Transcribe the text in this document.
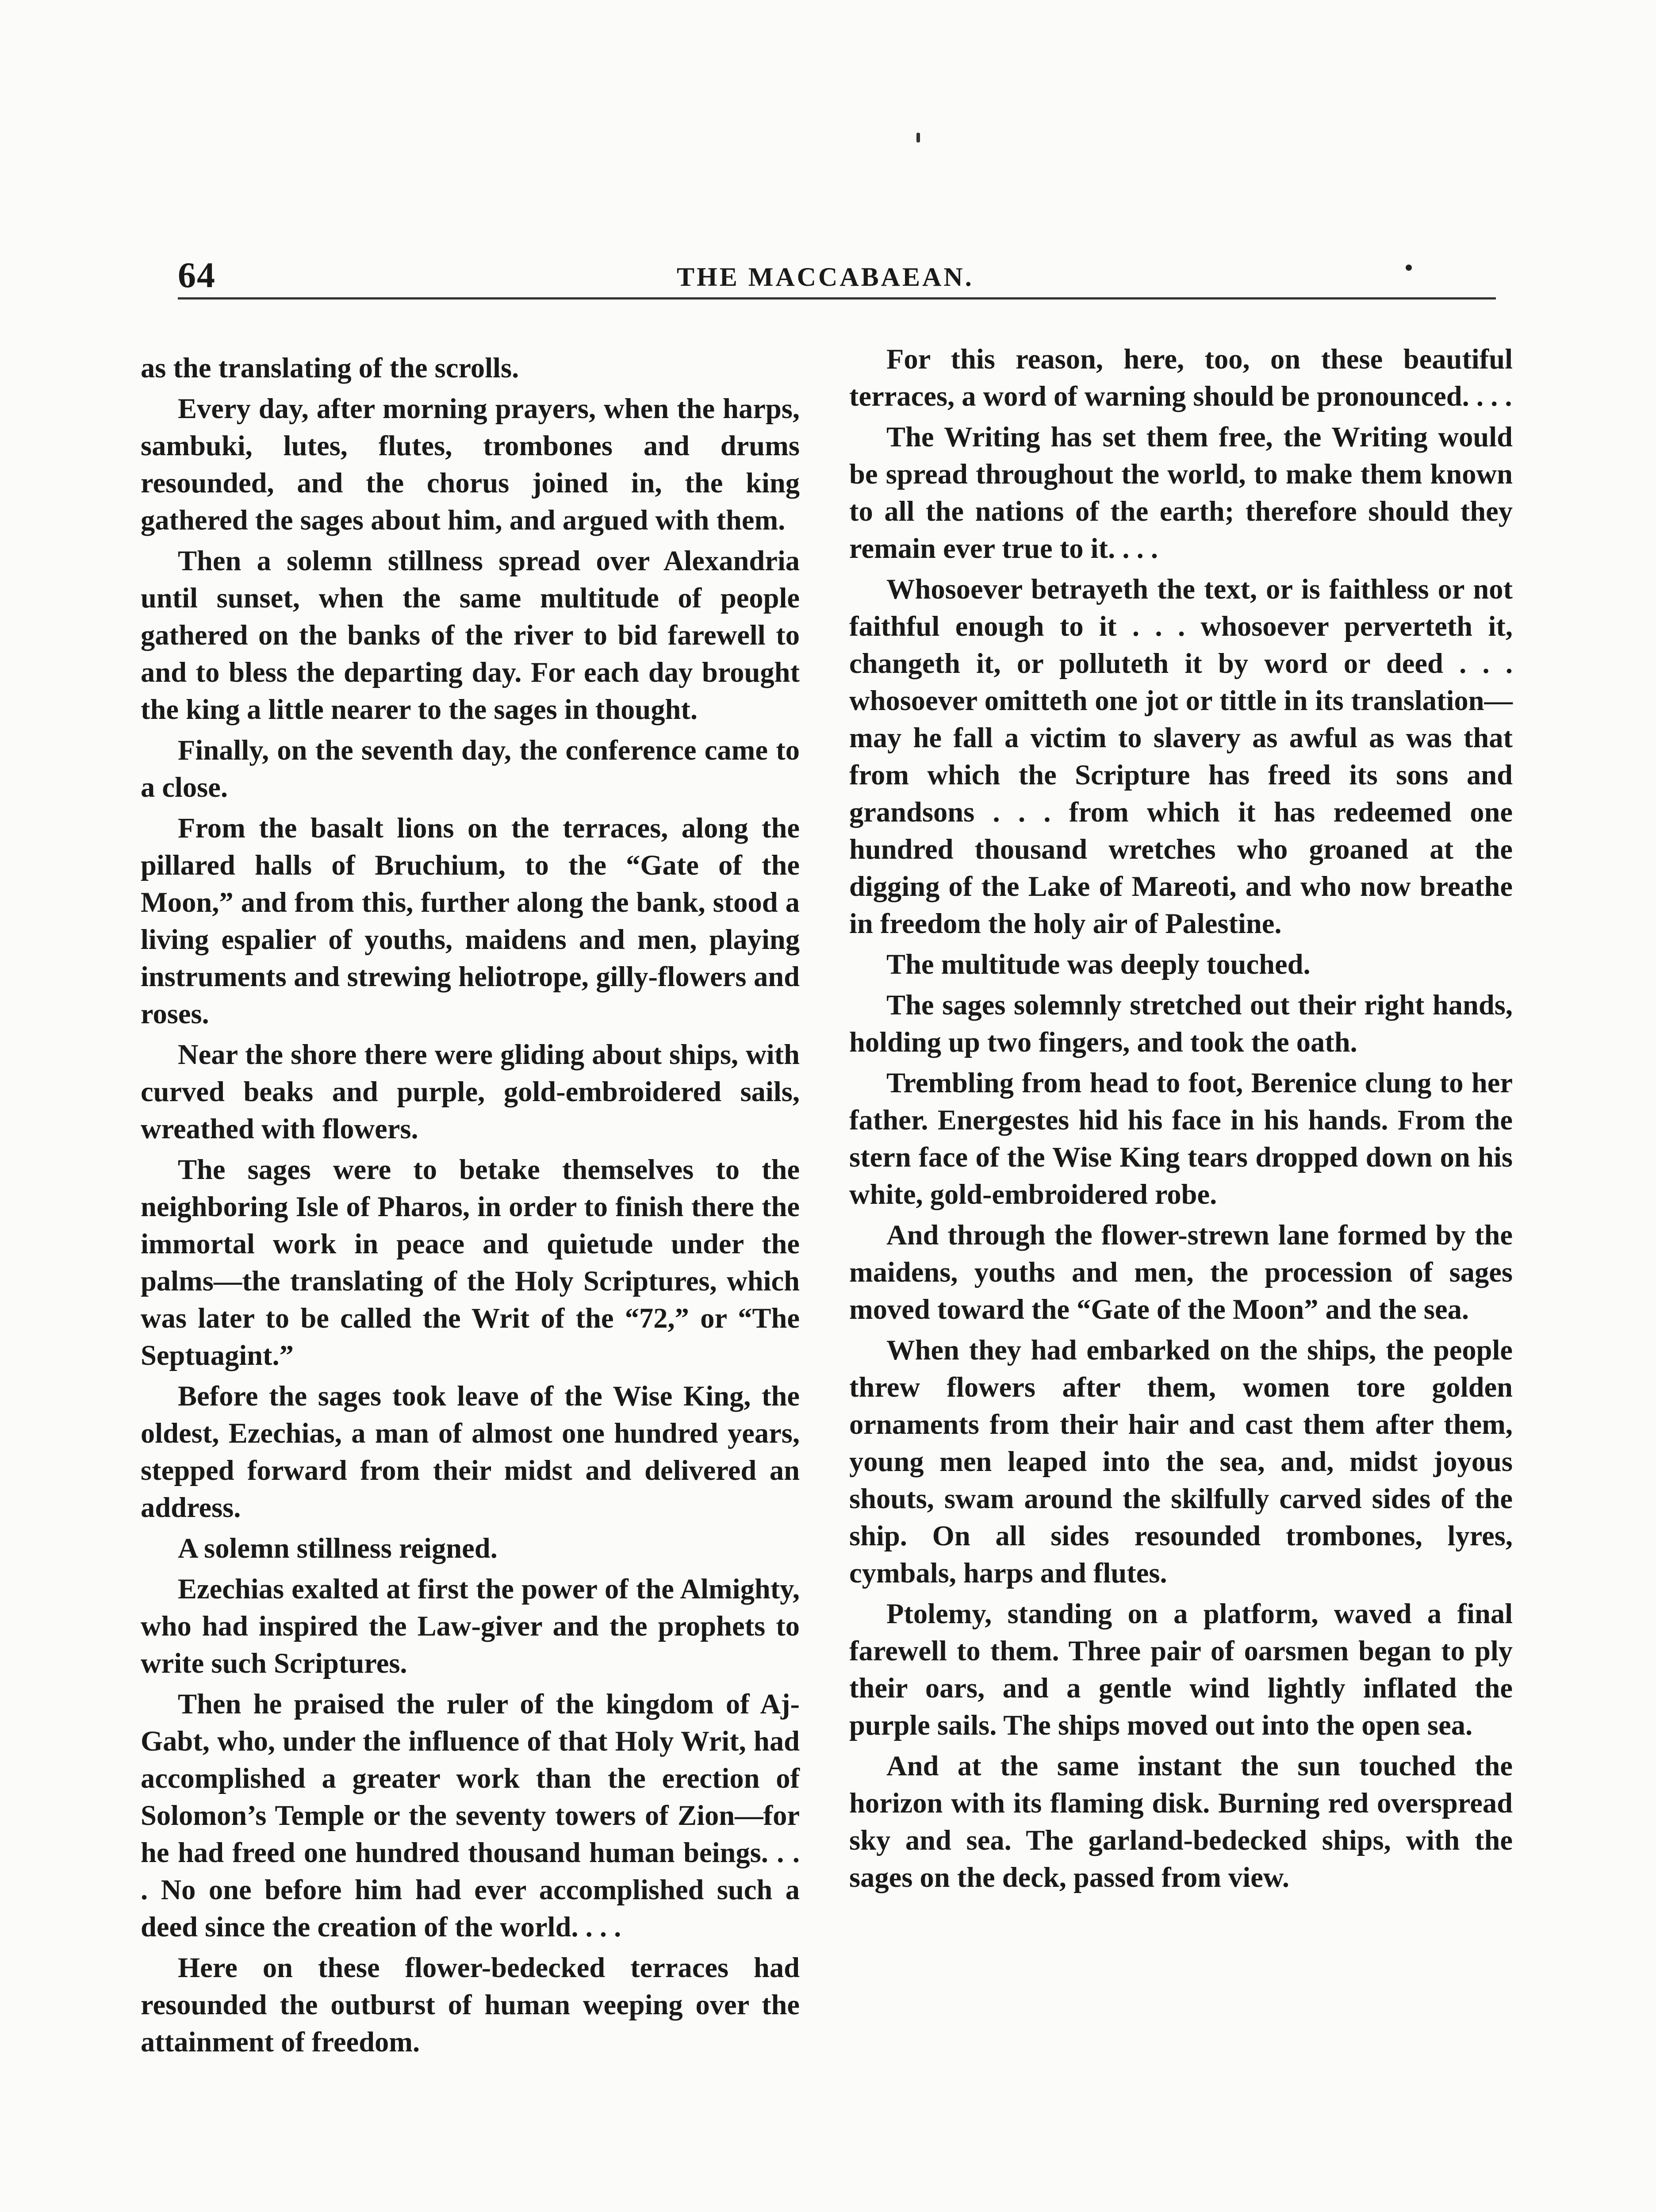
64	THE MACCABAEAN.

as the translating of the scrolls.

Every day, after morning prayers, when the harps, sambuki, lutes, flutes, trombones and drums resounded, and the chorus joined in, the king gathered the sages about him, and argued with them.

Then a solemn stillness spread over Alexandria until sunset, when the same multitude of people gathered on the banks of the river to bid farewell to and to bless the departing day. For each day brought the king a little nearer to the sages in thought.

Finally, on the seventh day, the conference came to a close.

From the basalt lions on the terraces, along the pillared halls of Bruchium, to the “Gate of the Moon,” and from this, further along the bank, stood a living espalier of youths, maidens and men, playing instruments and strewing heliotrope, gilly-flowers and roses.

Near the shore there were gliding about ships, with curved beaks and purple, gold-embroidered sails, wreathed with flowers.

The sages were to betake themselves to the neighboring Isle of Pharos, in order to finish there the immortal work in peace and quietude under the palms—the translating of the Holy Scriptures, which was later to be called the Writ of the “72,” or “The Septuagint.”

Before the sages took leave of the Wise King, the oldest, Ezechias, a man of almost one hundred years, stepped forward from their midst and delivered an address.

A solemn stillness reigned.

Ezechias exalted at first the power of the Almighty, who had inspired the Law-giver and the prophets to write such Scriptures.

Then he praised the ruler of the kingdom of Aj-Gabt, who, under the influence of that Holy Writ, had accomplished a greater work than the erection of Solomon’s Temple or the seventy towers of Zion—for he had freed one hundred thousand human beings. . . . No one before him had ever accomplished such a deed since the creation of the world. . . .

Here on these flower-bedecked terraces had resounded the outburst of human weeping over the attainment of freedom.

For this reason, here, too, on these beautiful terraces, a word of warning should be pronounced. . . .

The Writing has set them free, the Writing would be spread throughout the world, to make them known to all the nations of the earth; therefore should they remain ever true to it. . . .

Whosoever betrayeth the text, or is faithless or not faithful enough to it . . . whosoever perverteth it, changeth it, or polluteth it by word or deed . . . whosoever omitteth one jot or tittle in its translation—may he fall a victim to slavery as awful as was that from which the Scripture has freed its sons and grandsons . . . from which it has redeemed one hundred thousand wretches who groaned at the digging of the Lake of Mareoti, and who now breathe in freedom the holy air of Palestine.

The multitude was deeply touched.

The sages solemnly stretched out their right hands, holding up two fingers, and took the oath.

Trembling from head to foot, Berenice clung to her father. Energestes hid his face in his hands. From the stern face of the Wise King tears dropped down on his white, gold-embroidered robe.

And through the flower-strewn lane formed by the maidens, youths and men, the procession of sages moved toward the “Gate of the Moon” and the sea.

When they had embarked on the ships, the people threw flowers after them, women tore golden ornaments from their hair and cast them after them, young men leaped into the sea, and, midst joyous shouts, swam around the skilfully carved sides of the ship. On all sides resounded trombones, lyres, cymbals, harps and flutes.

Ptolemy, standing on a platform, waved a final farewell to them. Three pair of oarsmen began to ply their oars, and a gentle wind lightly inflated the purple sails. The ships moved out into the open sea.

And at the same instant the sun touched the horizon with its flaming disk. Burning red overspread sky and sea. The garland-bedecked ships, with the sages on the deck, passed from view.
